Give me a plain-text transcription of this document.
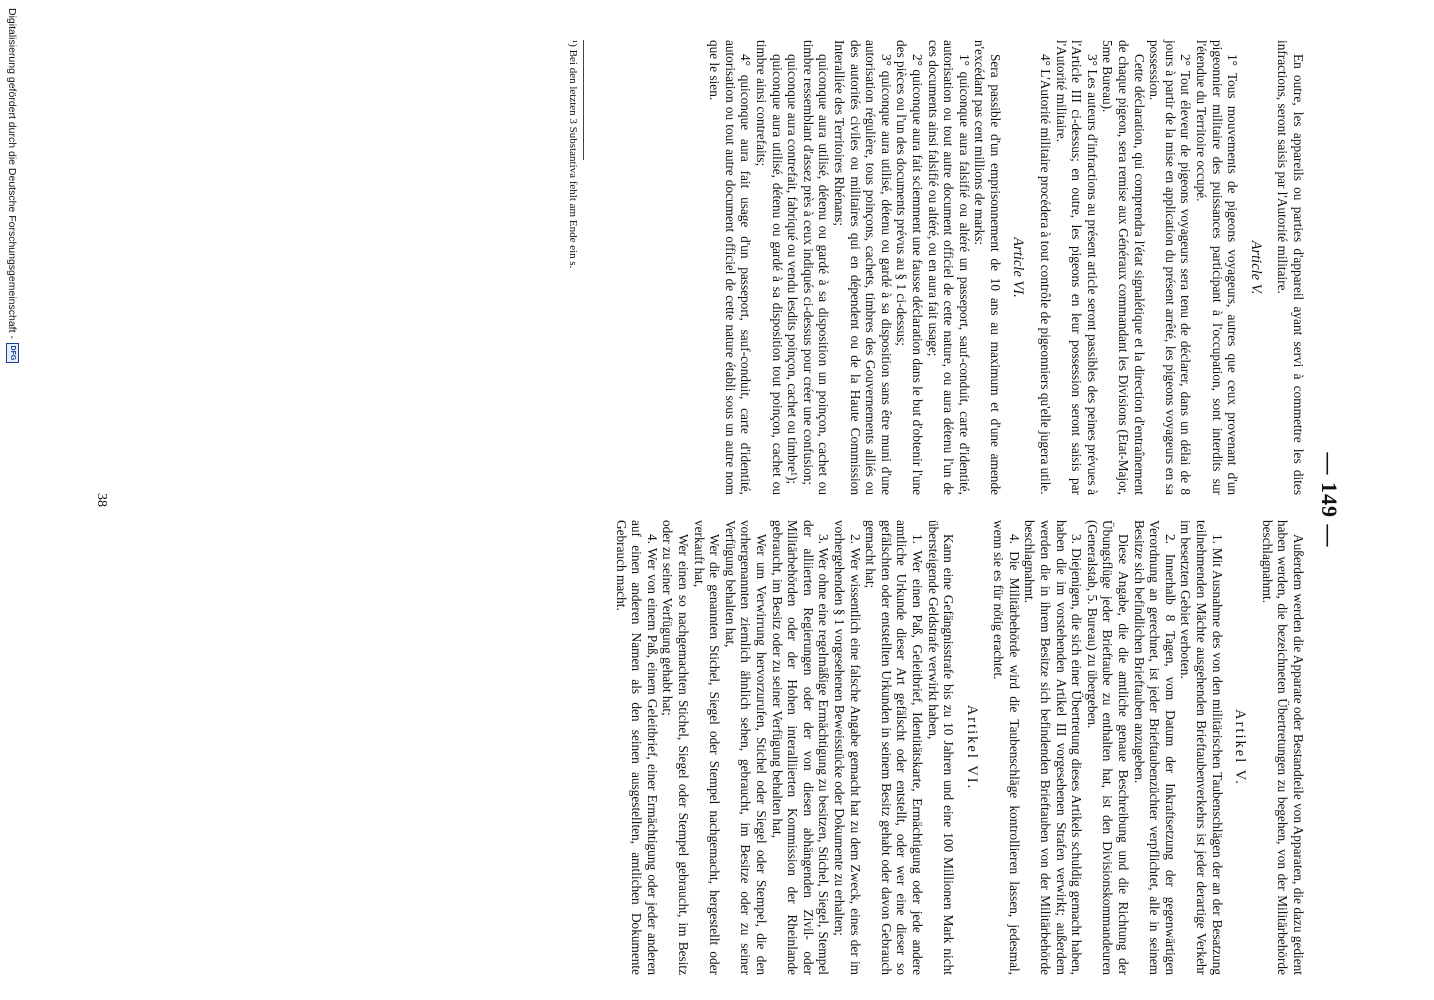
— 149 —

En outre, les appareils ou parties d'appareil ayant servi à commettre les dites infractions, seront saisis par l'Autorité militaire.

Article V.

1° Tous mouvements de pigeons voyageurs, autres que ceux provenant d'un pigeonnier militaire des puissances participant à l'occupation, sont interdits sur l'étendue du Territoire occupé.

2° Tout éleveur de pigeons voyageurs sera tenu de déclarer, dans un délai de 8 jours à partir de la mise en application du présent arrêté, les pigeons voyageurs en sa possession.

Cette déclaration, qui comprendra l'état signalétique et la direction d'entraînement de chaque pigeon, sera remise aux Généraux commandant les Divisions (Etat-Major, 5me Bureau).

3° Les auteurs d'infractions au présent article seront passibles des peines prévues à l'Article III ci-dessus; en outre, les pigeons en leur possession seront saisis par l'Autorité militaire.

4° L'Autorité militaire procédera à tout contrôle de pigeonniers qu'elle jugera utile.

Article VI.

Sera passible d'un emprisonnement de 10 ans au maximum et d'une amende n'excédant pas cent millions de marks:

1° quiconque aura falsifié ou altéré un passeport, sauf-conduit, carte d'identité, autorisation ou tout autre document officiel de cette nature, ou aura détenu l'un de ces documents ainsi falsifié ou altéré, ou en aura fait usage;

2° quiconque aura fait sciemment une fausse déclaration dans le but d'obtenir l'une des pièces ou l'un des documents prévus au § 1 ci-dessus;

3° quiconque aura utilisé, détenu ou gardé à sa disposition sans être muni d'une autorisation régulière, tous poinçons, cachets, timbres des Gouvernements alliés ou des autorités civiles ou militaires qui en dépendent ou de la Haute Commission Interalliée des Territoires Rhénans;

quiconque aura utilisé, détenu ou gardé à sa disposition un poinçon, cachet ou timbre ressemblant d'assez près à ceux indiqués ci-dessus pour créer une confusion;

quiconque aura contrefait, fabriqué ou vendu lesdits poinçon, cachet ou timbre¹);

quiconque aura utilisé, détenu ou gardé à sa disposition tout poinçon, cachet ou timbre ainsi contrefaits;

4° quiconque aura fait usage d'un passeport, sauf-conduit, carte d'identité, autorisation ou tout autre document officiel de cette nature établi sous un autre nom que le sien.

Außerdem werden die Apparate oder Bestandteile von Apparaten, die dazu gedient haben werden, die bezeichneten Übertretungen zu begehen, von der Militärbehörde beschlagnahmt.

Artikel V.

1. Mit Ausnahme des von den militärischen Taubenschlägen der an der Besatzung teilnehmenden Mächte ausgehenden Brieftaubenverkehrs ist jeder derartige Verkehr im besetzten Gebiet verboten.

2. Innerhalb 8 Tagen, vom Datum der Inkraftsetzung der gegenwärtigen Verordnung an gerechnet, ist jeder Brieftaubenzüchter verpflichtet, alle in seinem Besitze sich befindlichen Brieftauben anzugeben.

Diese Angabe, die die amtliche genaue Beschreibung und die Richtung der Übungsflüge jeder Brieftaube zu enthalten hat, ist den Divisionskommandeuren (Generalstab, 5. Bureau) zu übergeben.

3. Diejenigen, die sich einer Übertretung dieses Artikels schuldig gemacht haben, haben die im vorstehenden Artikel III vorgesehenen Strafen verwirkt; außerdem werden die in ihrem Besitze sich befindenden Brieftauben von der Militärbehörde beschlagnahmt.

4. Die Militärbehörde wird die Taubenschläge kontrollieren lassen, jedesmal, wenn sie es für nötig erachtet.

Artikel VI.

Kann eine Gefängnisstrafe bis zu 10 Jahren und eine 100 Millionen Mark nicht übersteigende Geldstrafe verwirkt haben,

1. Wer einen Paß, Geleitbrief, Identitätskarte, Ermächtigung oder jede andere amtliche Urkunde dieser Art gefälscht oder entstellt, oder wer eine dieser so gefälschten oder entstellten Urkunden in seinem Besitz gehabt oder davon Gebrauch gemacht hat;

2. Wer wissentlich eine falsche Angabe gemacht hat zu dem Zweck, eines der im vorhergehenden § 1 vorgesehenen Beweisstücke oder Dokumente zu erhalten;

3. Wer ohne eine regelmäßige Ermächtigung zu besitzen, Stichel, Siegel, Stempel der alliierten Regierungen oder der von diesen abhängenden Zivil- oder Militärbehörden oder der Hohen interalliierten Kommission der Rheinlande gebraucht, im Besitz oder zu seiner Verfügung behalten hat,

Wer um Verwirrung hervorzurufen, Stichel oder Siegel oder Stempel, die den vorhergenannten ziemlich ähnlich sehen, gebraucht, im Besitze oder zu seiner Verfügung behalten hat,

Wer die genannten Stichel, Siegel oder Stempel nachgemacht, hergestellt oder verkauft hat,

Wer einen so nachgemachten Stichel, Siegel oder Stempel gebraucht, im Besitz oder zu seiner Verfügung gehabt hat;

4. Wer von einem Paß, einem Geleitbrief, einer Ermächtigung oder jeder anderen auf einen anderen Namen als den seinen ausgestellten, amtlichen Dokumente Gebrauch macht.

¹) Bei den letzten 3 Substantiva fehlt am Ende ein s.
38
Digitalisierung gefördert durch die Deutsche Forschungsgemeinschaft -
DFG
